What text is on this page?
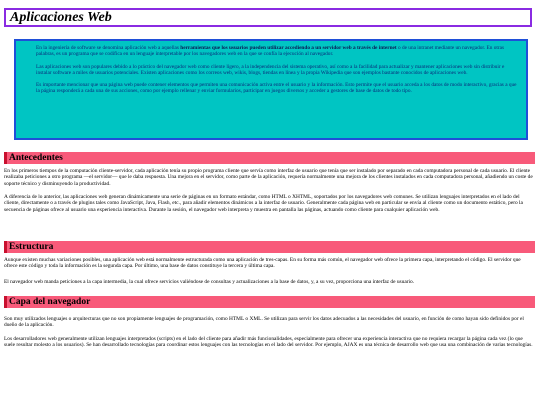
Aplicaciones Web

En la ingeniería de software se denomina aplicación web a aquellas herramientas que los usuarios pueden utilizar accediendo a un servidor web a través de internet o de una intranet mediante un navegador. En otras palabras, es un programa que se codifica en un lenguaje interpretable por los navegadores web en la que se confía la ejecución al navegador.

Las aplicaciones web son populares debido a lo práctico del navegador web como cliente ligero, a la independencia del sistema operativo, así como a la facilidad para actualizar y mantener aplicaciones web sin distribuir e instalar software a miles de usuarios potenciales. Existen aplicaciones como los correos web, wikis, blogs, tiendas en línea y la propia Wikipedia que son ejemplos bastante conocidos de aplicaciones web.

Es importante mencionar que una página web puede contener elementos que permiten una comunicación activa entre el usuario y la información. Esto permite que el usuario acceda a los datos de modo interactivo, gracias a que la página responderá a cada una de sus acciones, como por ejemplo rellenar y enviar formularios, participar en juegos diversos y acceder a gestores de base de datos de todo tipo.

Antecedentes

En los primeros tiempos de la computación cliente-servidor, cada aplicación tenía su propio programa cliente que servía como interfaz de usuario que tenía que ser instalado por separado en cada computadora personal de cada usuario. El cliente realizaba peticiones a otro programa —el servidor— que le daba respuesta. Una mejora en el servidor, como parte de la aplicación, requería normalmente una mejora de los clientes instalados en cada computadora personal, añadiendo un coste de soporte técnico y disminuyendo la productividad.

A diferencia de lo anterior, las aplicaciones web generan dinámicamente una serie de páginas en un formato estándar, como HTML o XHTML, soportados por los navegadores web comunes. Se utilizan lenguajes interpretados en el lado del cliente, directamente o a través de plugins tales como JavaScript, Java, Flash, etc., para añadir elementos dinámicos a la interfaz de usuario. Generalmente cada página web en particular se envía al cliente como un documento estático, pero la secuencia de páginas ofrece al usuario una experiencia interactiva. Durante la sesión, el navegador web interpreta y muestra en pantalla las páginas, actuando como cliente para cualquier aplicación web.

Estructura

Aunque existen muchas variaciones posibles, una aplicación web está normalmente estructurada como una aplicación de tres-capas. En su forma más común, el navegador web ofrece la primera capa, interpretando el código. El servidor que ofrece este código y toda la información es la segunda capa. Por último, una base de datos constituye la tercera y última capa.

El navegador web manda peticiones a la capa intermedia, la cual ofrece servicios valiéndose de consultas y actualizaciones a la base de datos, y, a su vez, proporciona una interfaz de usuario.

Capa del navegador

Son muy utilizados lenguajes o arquitecturas que no son propiamente lenguajes de programación, como HTML o XML. Se utilizan para servir los datos adecuados a las necesidades del usuario, en función de como hayan sido definidos por el dueño de la aplicación.

Los desarrolladores web generalmente utilizan lenguajes interpretados (scripts) en el lado del cliente para añadir más funcionalidades, especialmente para ofrecer una experiencia interactiva que no requiera recargar la página cada vez (lo que suele resultar molesto a los usuarios). Se han desarrollado tecnologías para coordinar estos lenguajes con las tecnologías en el lado del servidor. Por ejemplo, AJAX es una técnica de desarrollo web que usa una combinación de varias tecnologías.
